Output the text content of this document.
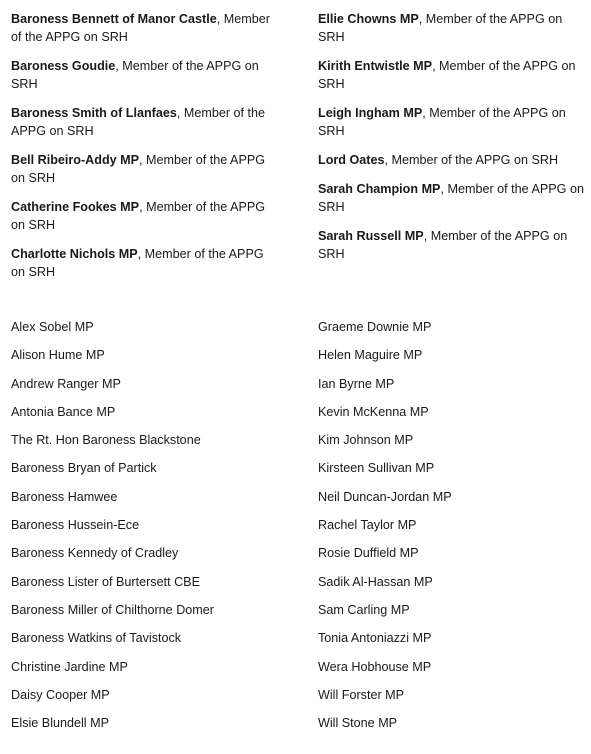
Baroness Bennett of Manor Castle, Member of the APPG on SRH

Baroness Goudie, Member of the APPG on SRH

Baroness Smith of Llanfaes, Member of the APPG on SRH

Bell Ribeiro-Addy MP, Member of the APPG on SRH

Catherine Fookes MP, Member of the APPG on SRH

Charlotte Nichols MP, Member of the APPG on SRH

Ellie Chowns MP, Member of the APPG on SRH

Kirith Entwistle MP, Member of the APPG on SRH

Leigh Ingham MP, Member of the APPG on SRH

Lord Oates, Member of the APPG on SRH

Sarah Champion MP, Member of the APPG on SRH

Sarah Russell MP, Member of the APPG on SRH

Alex Sobel MP
Alison Hume MP
Andrew Ranger MP
Antonia Bance MP
The Rt. Hon Baroness Blackstone
Baroness Bryan of Partick
Baroness Hamwee
Baroness Hussein-Ece
Baroness Kennedy of Cradley
Baroness Lister of Burtersett CBE
Baroness Miller of Chilthorne Domer
Baroness Watkins of Tavistock
Christine Jardine MP
Daisy Cooper MP
Elsie Blundell MP
Graeme Downie MP
Helen Maguire MP
Ian Byrne MP
Kevin McKenna MP
Kim Johnson MP
Kirsteen Sullivan MP
Neil Duncan-Jordan MP
Rachel Taylor MP
Rosie Duffield MP
Sadik Al-Hassan MP
Sam Carling MP
Tonia Antoniazzi MP
Wera Hobhouse MP
Will Forster MP
Will Stone MP
